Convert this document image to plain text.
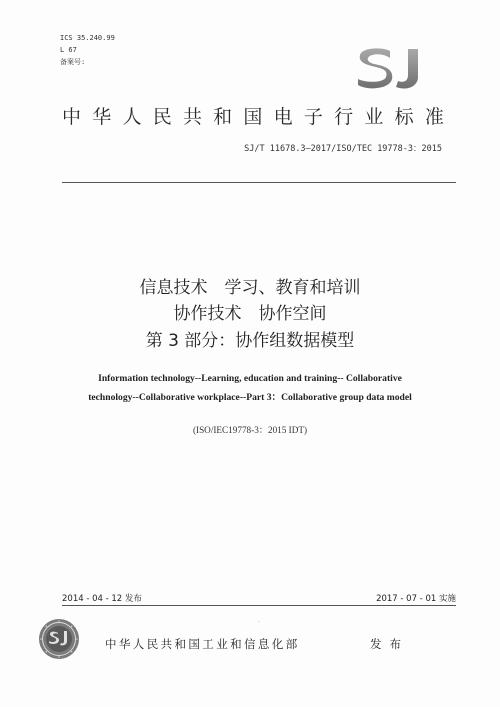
ICS 35.240.99
L 67
备案号:
中 华 人 民 共 和 国 电 子 行 业 标 准
SJ/T 11678.3—2017/ISO/TEC 19778-3：2015
信息技术　学习、教育和培训
协作技术　协作空间
第 3 部分：协作组数据模型
Information technology--Learning, education and training-- Collaborative
technology--Collaborative workplace--Part 3：Collaborative group data model
(ISO/IEC19778-3：2015 IDT)
2014 - 04 - 12 发布	2017 - 07 - 01 实施
·
中华人民共和国工业和信息化部	发布
